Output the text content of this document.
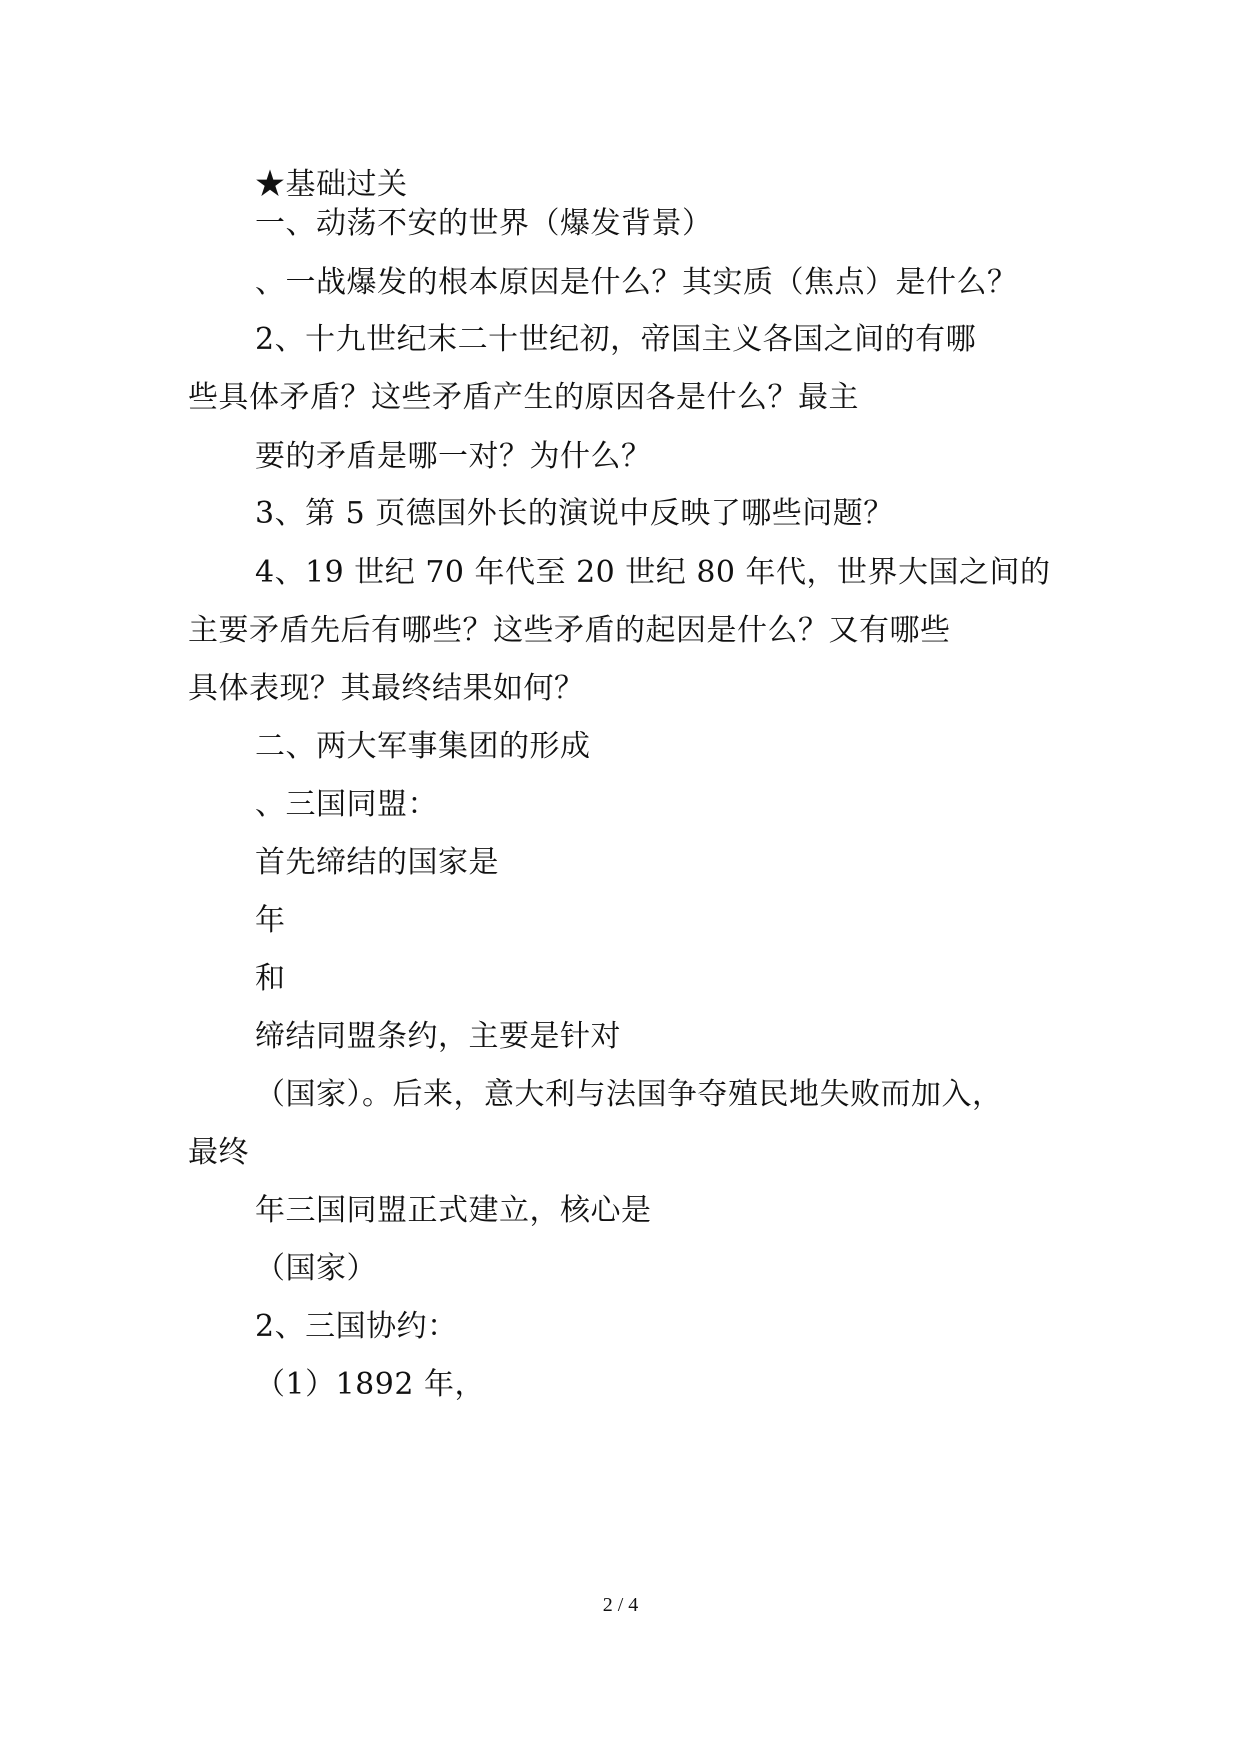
★基础过关
一、动荡不安的世界（爆发背景）
、一战爆发的根本原因是什么？其实质（焦点）是什么？
2、十九世纪末二十世纪初，帝国主义各国之间的有哪
些具体矛盾？这些矛盾产生的原因各是什么？最主
要的矛盾是哪一对？为什么？
3、第 5 页德国外长的演说中反映了哪些问题？
4、19 世纪 70 年代至 20 世纪 80 年代，世界大国之间的
主要矛盾先后有哪些？这些矛盾的起因是什么？又有哪些
具体表现？其最终结果如何？
二、两大军事集团的形成
、三国同盟：
首先缔结的国家是
年
和
缔结同盟条约，主要是针对
（国家）。后来，意大利与法国争夺殖民地失败而加入，
最终
年三国同盟正式建立，核心是
（国家）
2、三国协约：
（1）1892 年，
2 / 4
